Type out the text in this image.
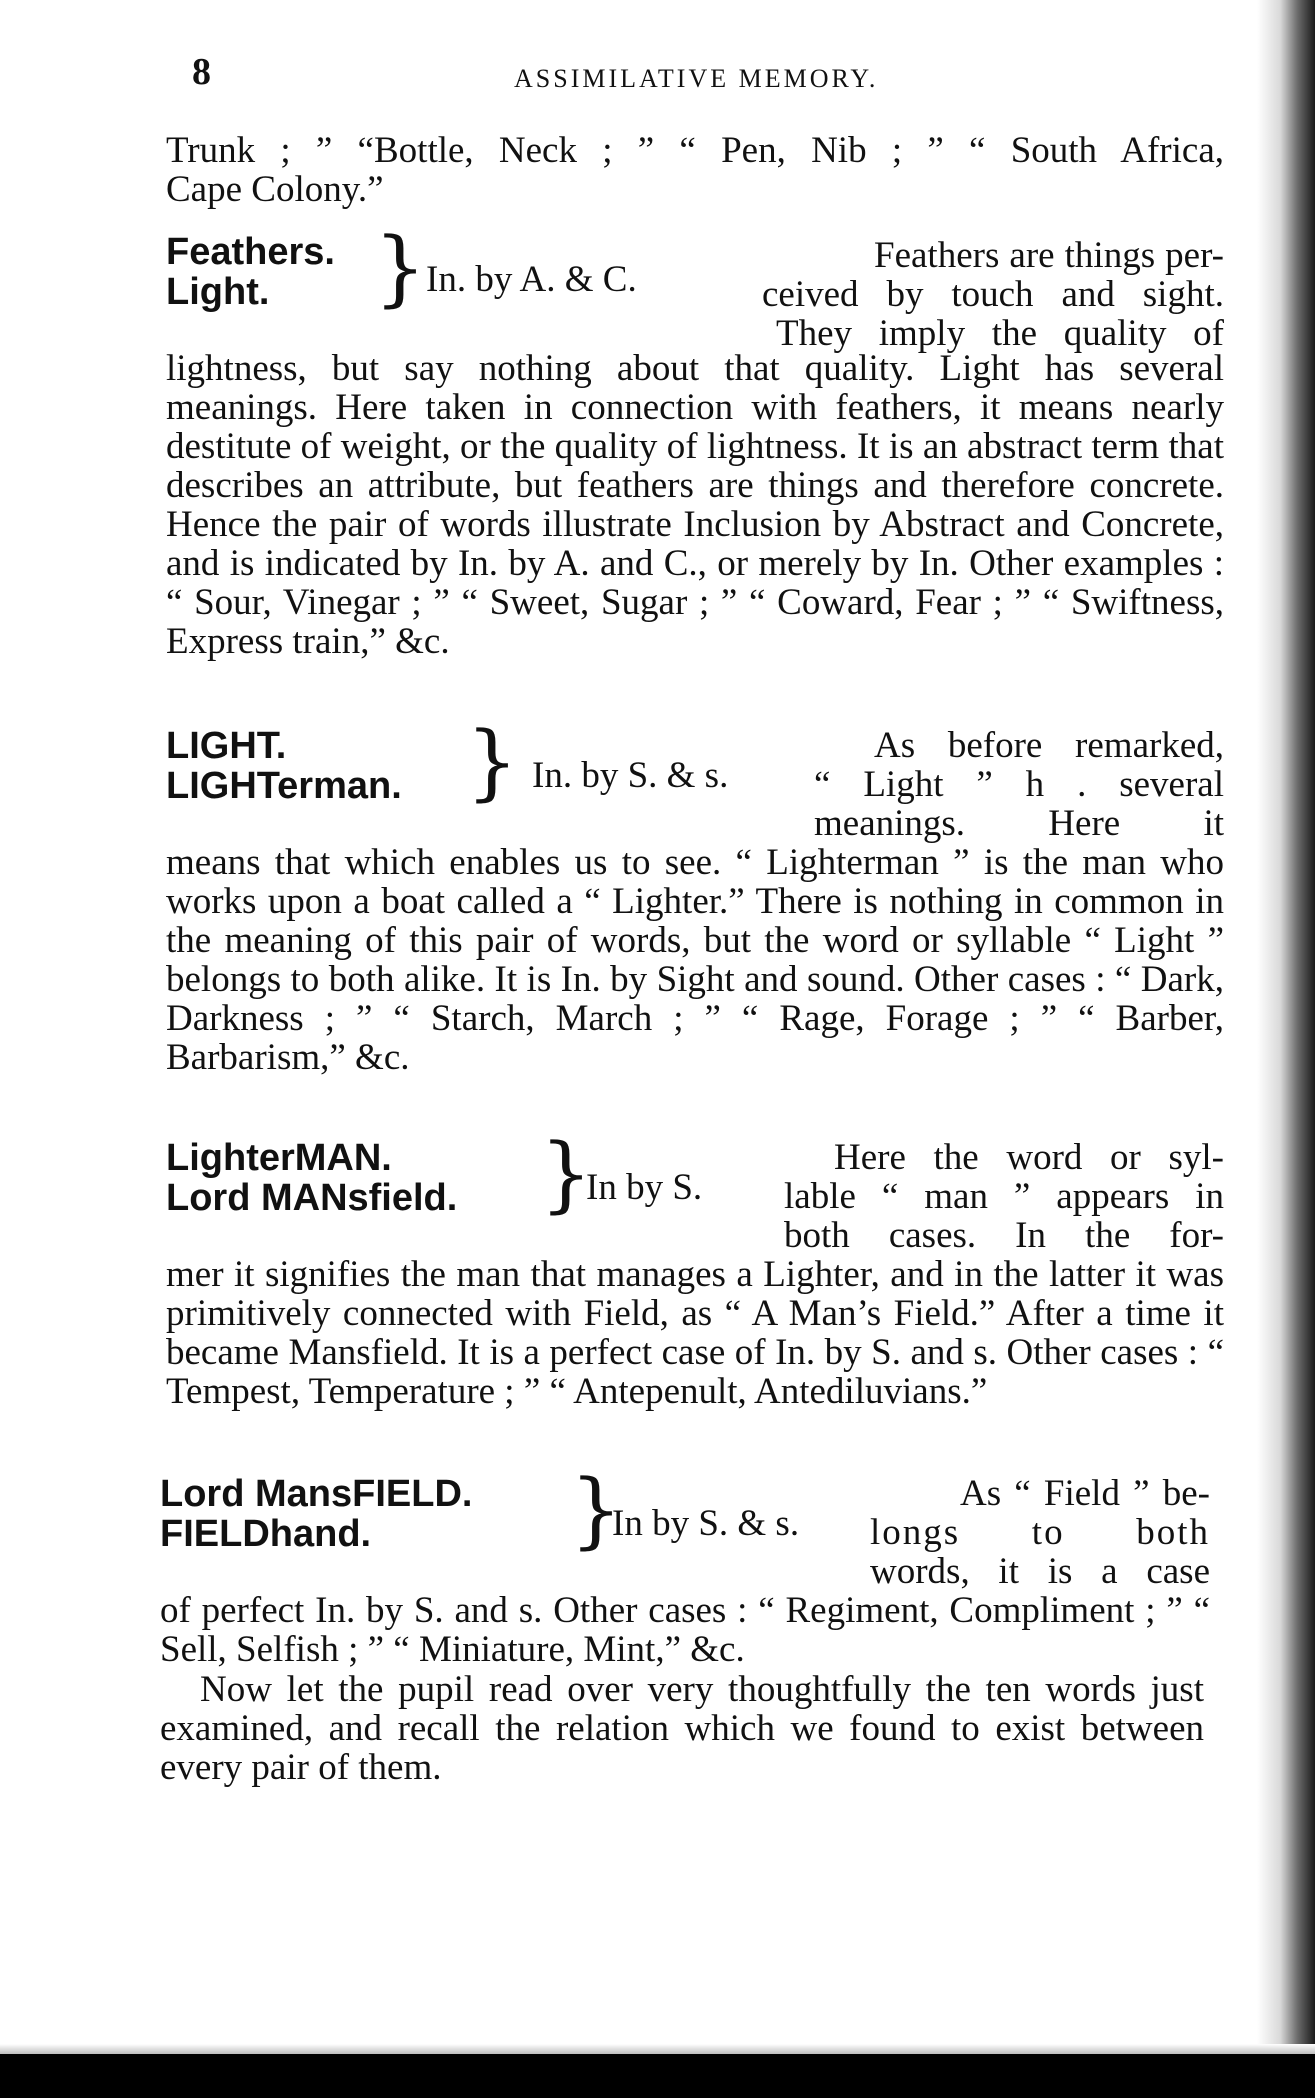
8	ASSIMILATIVE MEMORY.

Trunk ; ” “Bottle, Neck ; ” “ Pen, Nib ; ” “ South Africa,

Cape Colony.”

Feathers.
Light.	} In. by A. & C.
Feathers are things per-
ceived by touch and sight.
They imply the quality of

lightness, but say nothing about that quality. Light has several meanings. Here taken in connection with feathers, it means nearly destitute of weight, or the quality of lightness. It is an abstract term that describes an attribute, but feathers are things and therefore concrete. Hence the pair of words illustrate Inclusion by Abstract and Concrete, and is indicated by In. by A. and C., or merely by In. Other examples : “ Sour, Vinegar ; ” “ Sweet, Sugar ; ” “ Coward, Fear ; ” “ Swiftness, Express train,” &c.

LIGHT.
LIGHTerman. } In. by S. & s.
As before remarked,
“ Light ” h . several
meanings. Here it

means that which enables us to see. “ Lighterman ” is the man who works upon a boat called a “ Lighter.” There is nothing in common in the meaning of this pair of words, but the word or syllable “ Light ” belongs to both alike. It is In. by Sight and sound. Other cases : “ Dark, Darkness ; ” “ Starch, March ; ” “ Rage, Forage ; ” “ Barber, Barbarism,” &c.

LighterMAN.
Lord MANsfield. }
In by S.
Here the word or syl-
lable “ man ” appears in
both cases. In the for-

mer it signifies the man that manages a Lighter, and in the latter it was primitively connected with Field, as “ A Man’s Field.” After a time it became Mansfield. It is a perfect case of In. by S. and s. Other cases : “ Tempest, Temperature ; ” “ Antepenult, Antediluvians.”

Lord MansFIELD.
FIELDhand.	}
In by S. & s.
As “ Field ” be-
longs to both
words, it is a case

of perfect In. by S. and s. Other cases : “ Regiment, Compliment ; ” “ Sell, Selfish ; ” “ Miniature, Mint,” &c.

Now let the pupil read over very thoughtfully the ten words just examined, and recall the relation which we found to exist between every pair of them.
